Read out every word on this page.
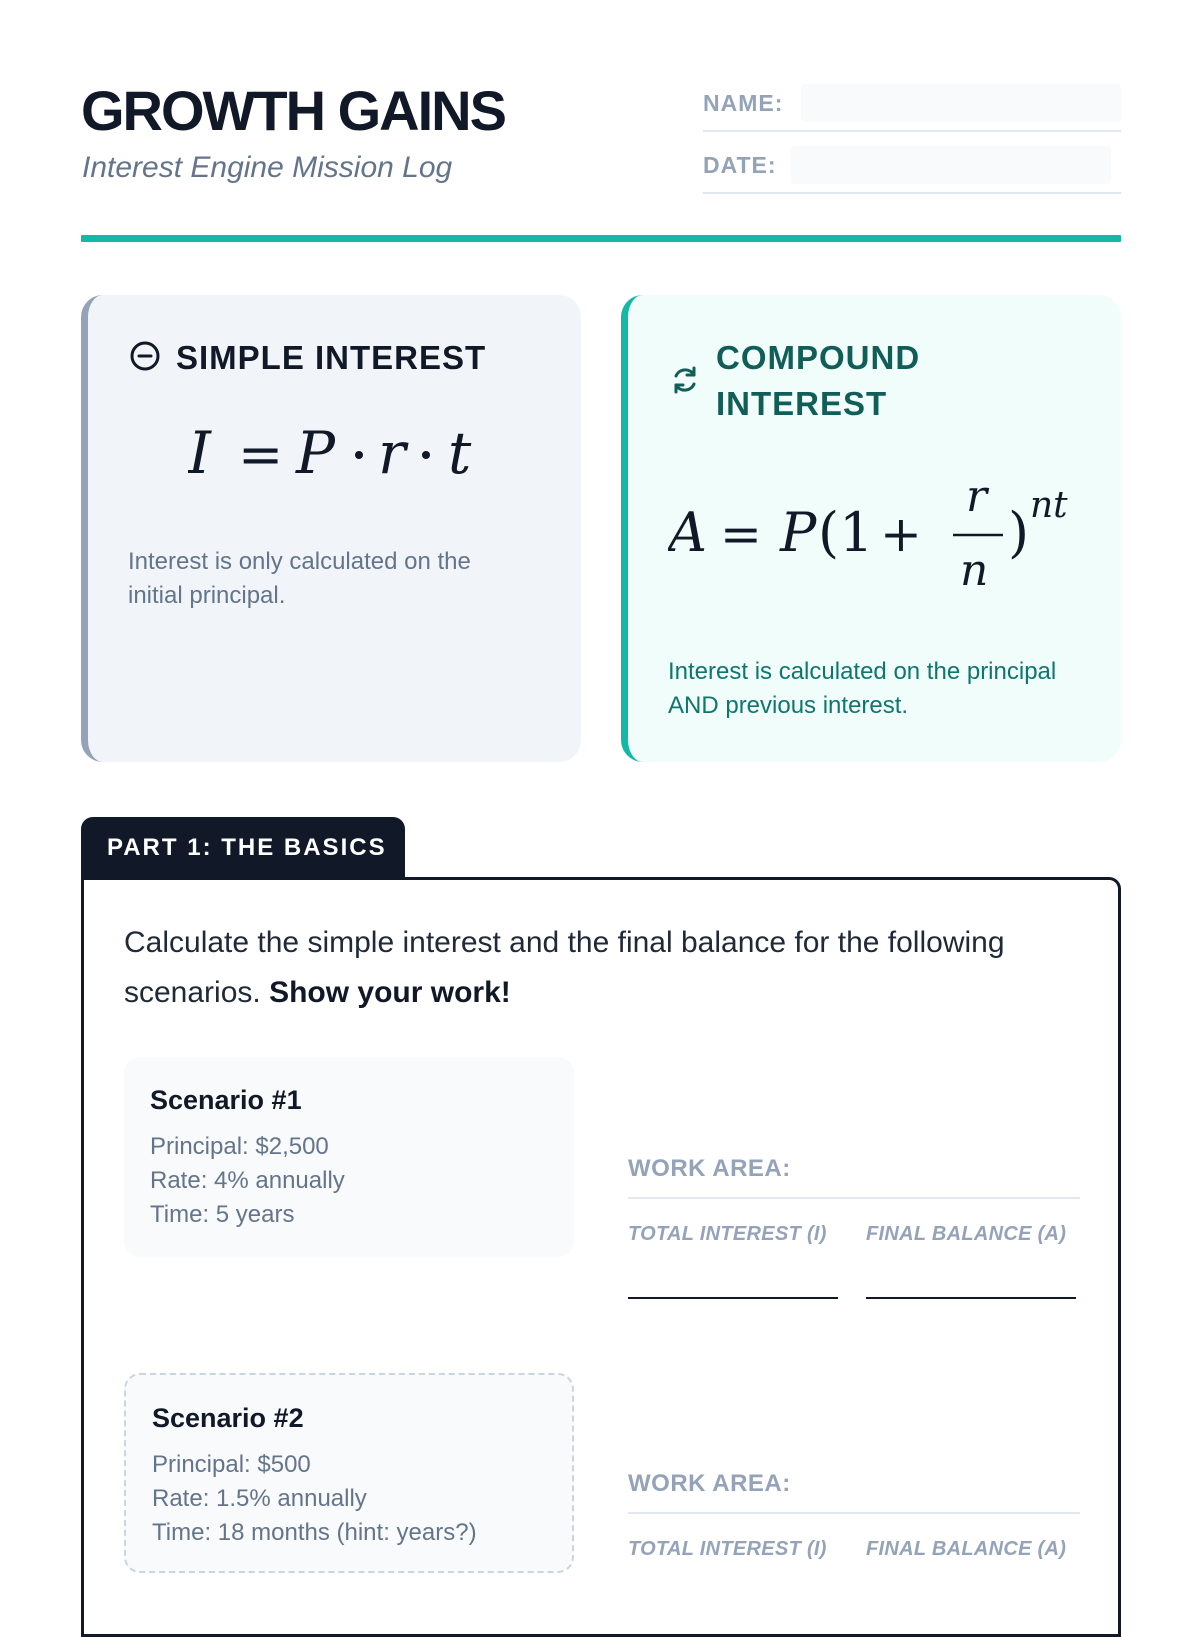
GROWTH GAINS
Interest Engine Mission Log
NAME:
DATE:
SIMPLE INTEREST
I = P r t
Interest is only calculated on the initial principal.
COMPOUND INTEREST
A = P (1 +
r
n
) nt
Interest is calculated on the principal AND previous interest.
PART 1: THE BASICS
Calculate the simple interest and the final balance for the following scenarios. Show your work!
Scenario #1
Principal: $2,500
Rate: 4% annually
Time: 5 years
WORK AREA:
TOTAL INTEREST (I)	FINAL BALANCE (A)
Scenario #2
Principal: $500
Rate: 1.5% annually
Time: 18 months (hint: years?)
WORK AREA:
TOTAL INTEREST (I)	FINAL BALANCE (A)
